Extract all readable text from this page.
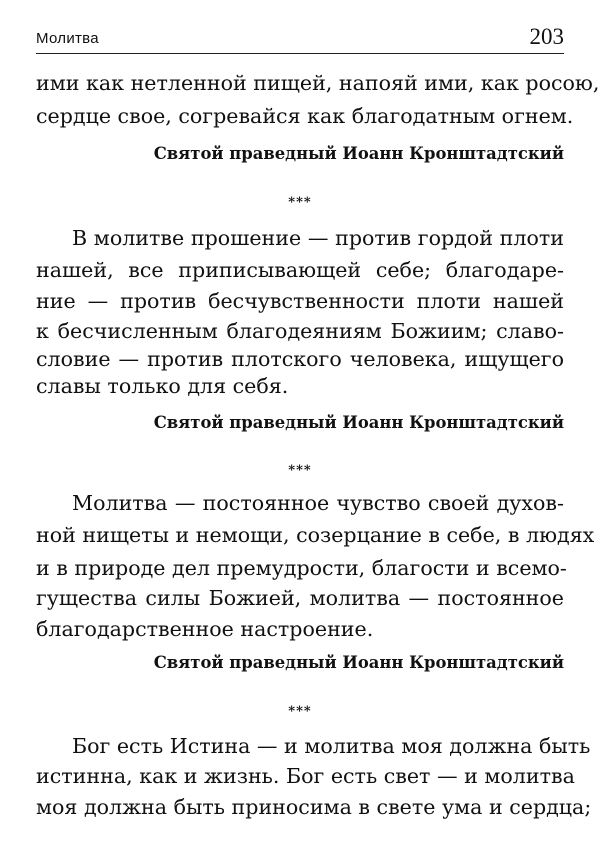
Молитва	203
ими как нетленной пищей, напояй ими, как росою,
сердце свое, согревайся как благодатным огнем.
Святой праведный Иоанн Кронштадтский
***
В молитве прошение — против гордой плоти
нашей, все приписывающей себе; благодаре-
ние — против бесчувственности плоти нашей
к бесчисленным благодеяниям Божиим; славо-
словие — против плотского человека, ищущего
славы только для себя.
Святой праведный Иоанн Кронштадтский
***
Молитва — постоянное чувство своей духов-
ной нищеты и немощи, созерцание в себе, в людях
и в природе дел премудрости, благости и всемо-
гущества силы Божией, молитва — постоянное
благодарственное настроение.
Святой праведный Иоанн Кронштадтский
***
Бог есть Истина — и молитва моя должна быть
истинна, как и жизнь. Бог есть свет — и молитва
моя должна быть приносима в свете ума и сердца;
